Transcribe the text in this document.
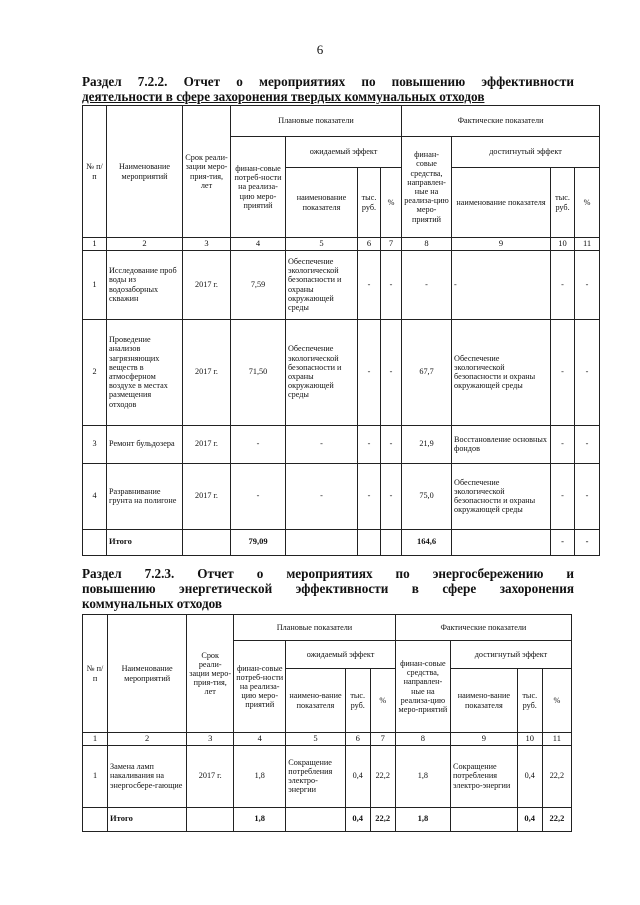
6
Раздел 7.2.2. Отчет о мероприятиях по повышению эффективности
деятельности в сфере захоронения твердых коммунальных отходов
№ п/п	Наименование мероприятий	Срок реали-зации меро-прия-тия, лет	Плановые показатели				Фактические показатели			
			финан-совые потреб-ности на реализа-цию меро-приятий	ожидаемый эффект			финан-совые средства, направлен-ные на реализа-цию меро-приятий	достигнутый эффект		
				наименование показателя	тыс. руб.	%		наименование показателя	тыс. руб.	%
1	2	3	4	5	6	7	8	9	10	11
1	Исследование проб воды из водозаборных скважин	2017 г.	7,59	Обеспечение экологической безопасности и охраны окружающей среды	-	-	-	-	-	-
2	Проведение анализов загрязняющих веществ в атмосферном воздухе в местах размещения отходов	2017 г.	71,50	Обеспечение экологической безопасности и охраны окружающей среды	-	-	67,7	Обеспечение экологической безопасности и охраны окружающей среды	-	-
3	Ремонт бульдозера	2017 г.	-	-	-	-	21,9	Восстановление основных фондов	-	-
4	Разравнивание грунта на полигоне	2017 г.	-	-	-	-	75,0	Обеспечение экологической безопасности и охраны окружающей среды	-	-
	Итого		79,09				164,6		-	-
Раздел 7.2.3. Отчет о мероприятиях по энергосбережению и
повышению энергетической эффективности в сфере захоронения
коммунальных отходов
№ п/п	Наименование мероприятий	Срок реали-зации меро-прия-тия, лет	Плановые показатели				Фактические показатели			
			финан-совые потреб-ности на реализа-цию меро-приятий	ожидаемый эффект			финан-совые средства, направлен-ные на реализа-цию меро-приятий	достигнутый эффект		
				наимено-вание показателя	тыс. руб.	%		наимено-вание показателя	тыс. руб.	%
1	2	3	4	5	6	7	8	9	10	11
1	Замена ламп накаливания на энергосбере-гающие	2017 г.	1,8	Сокращение потребления электро-энергии	0,4	22,2	1,8	Сокращение потребления электро-энергии	0,4	22,2
	Итого		1,8		0,4	22,2	1,8		0,4	22,2
